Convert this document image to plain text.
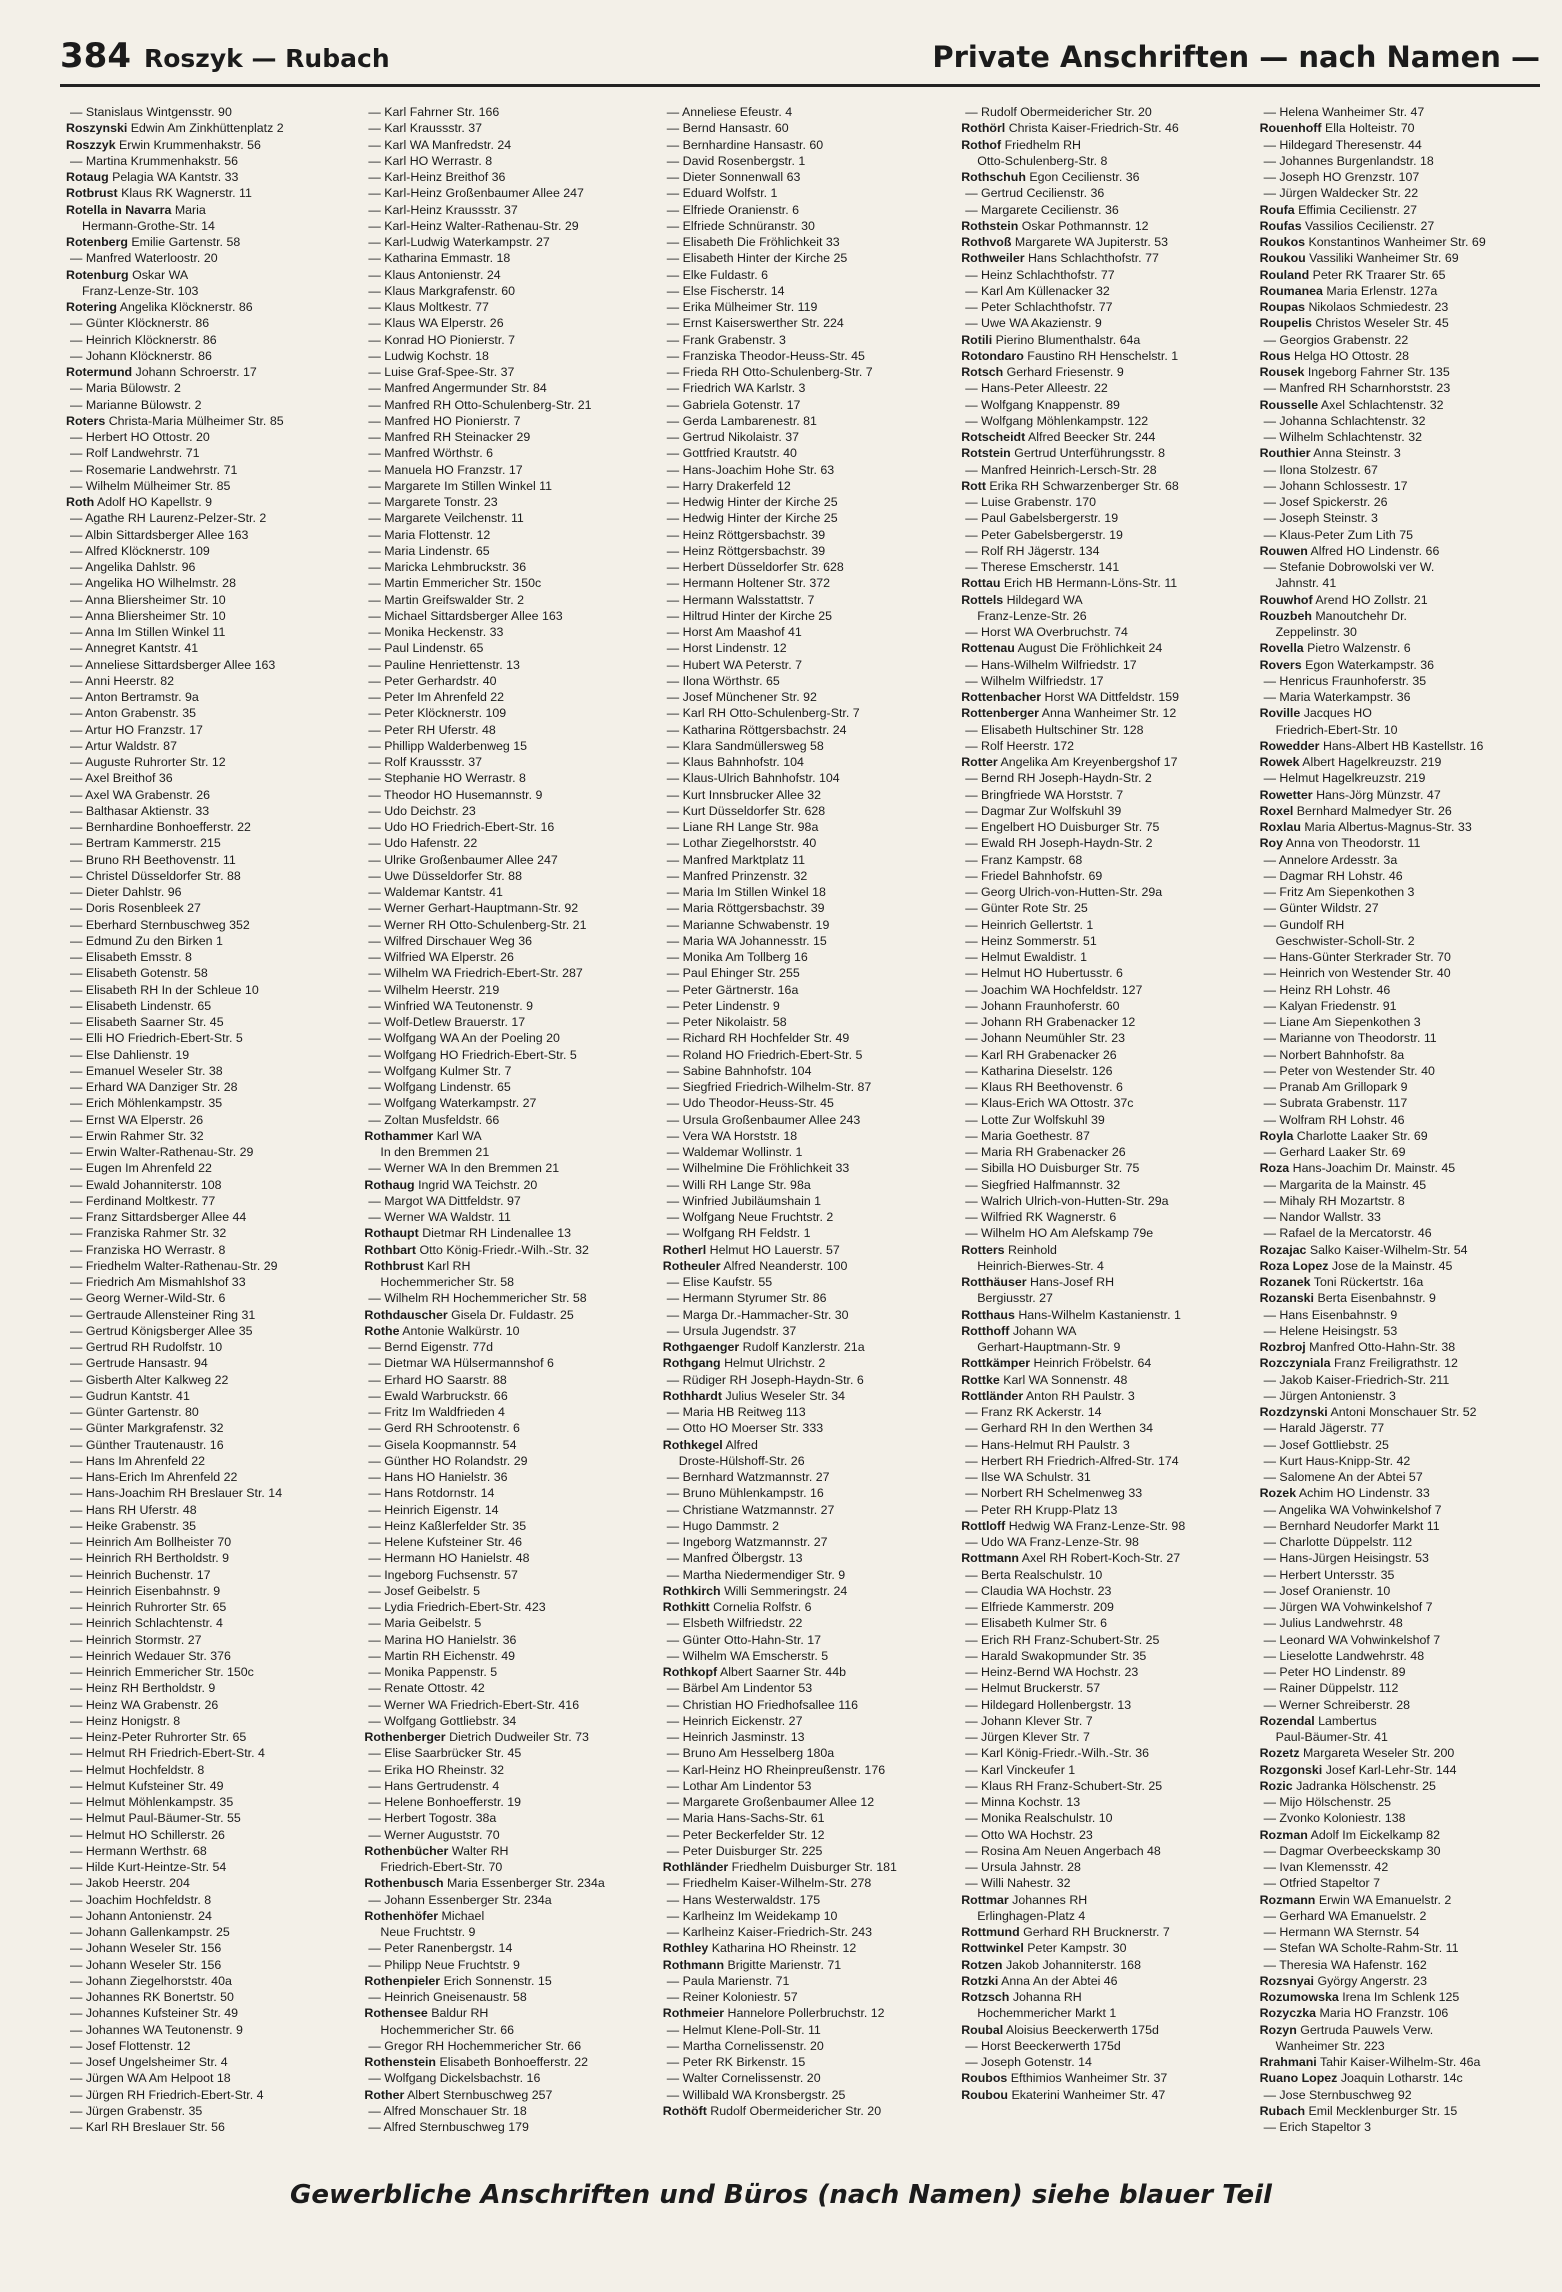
384 Roszyk — Rubach	Private Anschriften — nach Namen —
— Stanislaus Wintgensstr. 90
Roszynski Edwin Am Zinkhüttenplatz 2
Roszzyk Erwin Krummenhakstr. 56
— Martina Krummenhakstr. 56
Rotaug Pelagia WA Kantstr. 33
Rotbrust Klaus RK Wagnerstr. 11
Rotella in Navarra Maria
Hermann-Grothe-Str. 14
Rotenberg Emilie Gartenstr. 58
— Manfred Waterloostr. 20
Rotenburg Oskar WA
Franz-Lenze-Str. 103
Rotering Angelika Klöcknerstr. 86
— Günter Klöcknerstr. 86
— Heinrich Klöcknerstr. 86
— Johann Klöcknerstr. 86
Rotermund Johann Schroerstr. 17
— Maria Bülowstr. 2
— Marianne Bülowstr. 2
Roters Christa-Maria Mülheimer Str. 85
— Herbert HO Ottostr. 20
— Rolf Landwehrstr. 71
— Rosemarie Landwehrstr. 71
— Wilhelm Mülheimer Str. 85
Roth Adolf HO Kapellstr. 9
— Agathe RH Laurenz-Pelzer-Str. 2
— Albin Sittardsberger Allee 163
— Alfred Klöcknerstr. 109
— Angelika Dahlstr. 96
— Angelika HO Wilhelmstr. 28
— Anna Bliersheimer Str. 10
— Anna Bliersheimer Str. 10
— Anna Im Stillen Winkel 11
— Annegret Kantstr. 41
— Anneliese Sittardsberger Allee 163
— Anni Heerstr. 82
— Anton Bertramstr. 9a
— Anton Grabenstr. 35
— Artur HO Franzstr. 17
— Artur Waldstr. 87
— Auguste Ruhrorter Str. 12
— Axel Breithof 36
— Axel WA Grabenstr. 26
— Balthasar Aktienstr. 33
— Bernhardine Bonhoefferstr. 22
— Bertram Kammerstr. 215
— Bruno RH Beethovenstr. 11
— Christel Düsseldorfer Str. 88
— Dieter Dahlstr. 96
— Doris Rosenbleek 27
— Eberhard Sternbuschweg 352
— Edmund Zu den Birken 1
— Elisabeth Emsstr. 8
— Elisabeth Gotenstr. 58
— Elisabeth RH In der Schleue 10
— Elisabeth Lindenstr. 65
— Elisabeth Saarner Str. 45
— Elli HO Friedrich-Ebert-Str. 5
— Else Dahlienstr. 19
— Emanuel Weseler Str. 38
— Erhard WA Danziger Str. 28
— Erich Möhlenkampstr. 35
— Ernst WA Elperstr. 26
— Erwin Rahmer Str. 32
— Erwin Walter-Rathenau-Str. 29
— Eugen Im Ahrenfeld 22
— Ewald Johanniterstr. 108
— Ferdinand Moltkestr. 77
— Franz Sittardsberger Allee 44
— Franziska Rahmer Str. 32
— Franziska HO Werrastr. 8
— Friedhelm Walter-Rathenau-Str. 29
— Friedrich Am Mismahlshof 33
— Georg Werner-Wild-Str. 6
— Gertraude Allensteiner Ring 31
— Gertrud Königsberger Allee 35
— Gertrud RH Rudolfstr. 10
— Gertrude Hansastr. 94
— Gisberth Alter Kalkweg 22
— Gudrun Kantstr. 41
— Günter Gartenstr. 80
— Günter Markgrafenstr. 32
— Günther Trautenaustr. 16
— Hans Im Ahrenfeld 22
— Hans-Erich Im Ahrenfeld 22
— Hans-Joachim RH Breslauer Str. 14
— Hans RH Uferstr. 48
— Heike Grabenstr. 35
— Heinrich Am Bollheister 70
— Heinrich RH Bertholdstr. 9
— Heinrich Buchenstr. 17
— Heinrich Eisenbahnstr. 9
— Heinrich Ruhrorter Str. 65
— Heinrich Schlachtenstr. 4
— Heinrich Stormstr. 27
— Heinrich Wedauer Str. 376
— Heinrich Emmericher Str. 150c
— Heinz RH Bertholdstr. 9
— Heinz WA Grabenstr. 26
— Heinz Honigstr. 8
— Heinz-Peter Ruhrorter Str. 65
— Helmut RH Friedrich-Ebert-Str. 4
— Helmut Hochfeldstr. 8
— Helmut Kufsteiner Str. 49
— Helmut Möhlenkampstr. 35
— Helmut Paul-Bäumer-Str. 55
— Helmut HO Schillerstr. 26
— Hermann Werthstr. 68
— Hilde Kurt-Heintze-Str. 54
— Jakob Heerstr. 204
— Joachim Hochfeldstr. 8
— Johann Antonienstr. 24
— Johann Gallenkampstr. 25
— Johann Weseler Str. 156
— Johann Weseler Str. 156
— Johann Ziegelhorststr. 40a
— Johannes RK Bonertstr. 50
— Johannes Kufsteiner Str. 49
— Johannes WA Teutonenstr. 9
— Josef Flottenstr. 12
— Josef Ungelsheimer Str. 4
— Jürgen WA Am Helpoot 18
— Jürgen RH Friedrich-Ebert-Str. 4
— Jürgen Grabenstr. 35
— Karl RH Breslauer Str. 56
— Karl Fahrner Str. 166
— Karl Kraussstr. 37
— Karl WA Manfredstr. 24
— Karl HO Werrastr. 8
— Karl-Heinz Breithof 36
— Karl-Heinz Großenbaumer Allee 247
— Karl-Heinz Kraussstr. 37
— Karl-Heinz Walter-Rathenau-Str. 29
— Karl-Ludwig Waterkampstr. 27
— Katharina Emmastr. 18
— Klaus Antonienstr. 24
— Klaus Markgrafenstr. 60
— Klaus Moltkestr. 77
— Klaus WA Elperstr. 26
— Konrad HO Pionierstr. 7
— Ludwig Kochstr. 18
— Luise Graf-Spee-Str. 37
— Manfred Angermunder Str. 84
— Manfred RH Otto-Schulenberg-Str. 21
— Manfred HO Pionierstr. 7
— Manfred RH Steinacker 29
— Manfred Wörthstr. 6
— Manuela HO Franzstr. 17
— Margarete Im Stillen Winkel 11
— Margarete Tonstr. 23
— Margarete Veilchenstr. 11
— Maria Flottenstr. 12
— Maria Lindenstr. 65
— Maricka Lehmbruckstr. 36
— Martin Emmericher Str. 150c
— Martin Greifswalder Str. 2
— Michael Sittardsberger Allee 163
— Monika Heckenstr. 33
— Paul Lindenstr. 65
— Pauline Henriettenstr. 13
— Peter Gerhardstr. 40
— Peter Im Ahrenfeld 22
— Peter Klöcknerstr. 109
— Peter RH Uferstr. 48
— Phillipp Walderbenweg 15
— Rolf Kraussstr. 37
— Stephanie HO Werrastr. 8
— Theodor HO Husemannstr. 9
— Udo Deichstr. 23
— Udo HO Friedrich-Ebert-Str. 16
— Udo Hafenstr. 22
— Ulrike Großenbaumer Allee 247
— Uwe Düsseldorfer Str. 88
— Waldemar Kantstr. 41
— Werner Gerhart-Hauptmann-Str. 92
— Werner RH Otto-Schulenberg-Str. 21
— Wilfred Dirschauer Weg 36
— Wilfried WA Elperstr. 26
— Wilhelm WA Friedrich-Ebert-Str. 287
— Wilhelm Heerstr. 219
— Winfried WA Teutonenstr. 9
— Wolf-Detlew Brauerstr. 17
— Wolfgang WA An der Poeling 20
— Wolfgang HO Friedrich-Ebert-Str. 5
— Wolfgang Kulmer Str. 7
— Wolfgang Lindenstr. 65
— Wolfgang Waterkampstr. 27
— Zoltan Musfeldstr. 66
Rothammer Karl WA
In den Bremmen 21
— Werner WA In den Bremmen 21
Rothaug Ingrid WA Teichstr. 20
— Margot WA Dittfeldstr. 97
— Werner WA Waldstr. 11
Rothaupt Dietmar RH Lindenallee 13
Rothbart Otto König-Friedr.-Wilh.-Str. 32
Rothbrust Karl RH
Hochemmericher Str. 58
— Wilhelm RH Hochemmericher Str. 58
Rothdauscher Gisela Dr. Fuldastr. 25
Rothe Antonie Walkürstr. 10
— Bernd Eigenstr. 77d
— Dietmar WA Hülsermannshof 6
— Erhard HO Saarstr. 88
— Ewald Warbruckstr. 66
— Fritz Im Waldfrieden 4
— Gerd RH Schrootenstr. 6
— Gisela Koopmannstr. 54
— Günther HO Rolandstr. 29
— Hans HO Hanielstr. 36
— Hans Rotdornstr. 14
— Heinrich Eigenstr. 14
— Heinz Kaßlerfelder Str. 35
— Helene Kufsteiner Str. 46
— Hermann HO Hanielstr. 48
— Ingeborg Fuchsenstr. 57
— Josef Geibelstr. 5
— Lydia Friedrich-Ebert-Str. 423
— Maria Geibelstr. 5
— Marina HO Hanielstr. 36
— Martin RH Eichenstr. 49
— Monika Pappenstr. 5
— Renate Ottostr. 42
— Werner WA Friedrich-Ebert-Str. 416
— Wolfgang Gottliebstr. 34
Rothenberger Dietrich Dudweiler Str. 73
— Elise Saarbrücker Str. 45
— Erika HO Rheinstr. 32
— Hans Gertrudenstr. 4
— Helene Bonhoefferstr. 19
— Herbert Togostr. 38a
— Werner Auguststr. 70
Rothenbücher Walter RH
Friedrich-Ebert-Str. 70
Rothenbusch Maria Essenberger Str. 234a
— Johann Essenberger Str. 234a
Rothenhöfer Michael
Neue Fruchtstr. 9
— Peter Ranenbergstr. 14
— Philipp Neue Fruchtstr. 9
Rothenpieler Erich Sonnenstr. 15
— Heinrich Gneisenaustr. 58
Rothensee Baldur RH
Hochemmericher Str. 66
— Gregor RH Hochemmericher Str. 66
Rothenstein Elisabeth Bonhoefferstr. 22
— Wolfgang Dickelsbachstr. 16
Rother Albert Sternbuschweg 257
— Alfred Monschauer Str. 18
— Alfred Sternbuschweg 179
— Anneliese Efeustr. 4
— Bernd Hansastr. 60
— Bernhardine Hansastr. 60
— David Rosenbergstr. 1
— Dieter Sonnenwall 63
— Eduard Wolfstr. 1
— Elfriede Oranienstr. 6
— Elfriede Schnüranstr. 30
— Elisabeth Die Fröhlichkeit 33
— Elisabeth Hinter der Kirche 25
— Elke Fuldastr. 6
— Else Fischerstr. 14
— Erika Mülheimer Str. 119
— Ernst Kaiserswerther Str. 224
— Frank Grabenstr. 3
— Franziska Theodor-Heuss-Str. 45
— Frieda RH Otto-Schulenberg-Str. 7
— Friedrich WA Karlstr. 3
— Gabriela Gotenstr. 17
— Gerda Lambarenestr. 81
— Gertrud Nikolaistr. 37
— Gottfried Krautstr. 40
— Hans-Joachim Hohe Str. 63
— Harry Drakerfeld 12
— Hedwig Hinter der Kirche 25
— Hedwig Hinter der Kirche 25
— Heinz Röttgersbachstr. 39
— Heinz Röttgersbachstr. 39
— Herbert Düsseldorfer Str. 628
— Hermann Holtener Str. 372
— Hermann Walsstattstr. 7
— Hiltrud Hinter der Kirche 25
— Horst Am Maashof 41
— Horst Lindenstr. 12
— Hubert WA Peterstr. 7
— Ilona Wörthstr. 65
— Josef Münchener Str. 92
— Karl RH Otto-Schulenberg-Str. 7
— Katharina Röttgersbachstr. 24
— Klara Sandmüllersweg 58
— Klaus Bahnhofstr. 104
— Klaus-Ulrich Bahnhofstr. 104
— Kurt Innsbrucker Allee 32
— Kurt Düsseldorfer Str. 628
— Liane RH Lange Str. 98a
— Lothar Ziegelhorststr. 40
— Manfred Marktplatz 11
— Manfred Prinzenstr. 32
— Maria Im Stillen Winkel 18
— Maria Röttgersbachstr. 39
— Marianne Schwabenstr. 19
— Maria WA Johannesstr. 15
— Monika Am Tollberg 16
— Paul Ehinger Str. 255
— Peter Gärtnerstr. 16a
— Peter Lindenstr. 9
— Peter Nikolaistr. 58
— Richard RH Hochfelder Str. 49
— Roland HO Friedrich-Ebert-Str. 5
— Sabine Bahnhofstr. 104
— Siegfried Friedrich-Wilhelm-Str. 87
— Udo Theodor-Heuss-Str. 45
— Ursula Großenbaumer Allee 243
— Vera WA Horststr. 18
— Waldemar Wollinstr. 1
— Wilhelmine Die Fröhlichkeit 33
— Willi RH Lange Str. 98a
— Winfried Jubiläumshain 1
— Wolfgang Neue Fruchtstr. 2
— Wolfgang RH Feldstr. 1
Rotherl Helmut HO Lauerstr. 57
Rotheuler Alfred Neanderstr. 100
— Elise Kaufstr. 55
— Hermann Styrumer Str. 86
— Marga Dr.-Hammacher-Str. 30
— Ursula Jugendstr. 37
Rothgaenger Rudolf Kanzlerstr. 21a
Rothgang Helmut Ulrichstr. 2
— Rüdiger RH Joseph-Haydn-Str. 6
Rothhardt Julius Weseler Str. 34
— Maria HB Reitweg 113
— Otto HO Moerser Str. 333
Rothkegel Alfred
Droste-Hülshoff-Str. 26
— Bernhard Watzmannstr. 27
— Bruno Mühlenkampstr. 16
— Christiane Watzmannstr. 27
— Hugo Dammstr. 2
— Ingeborg Watzmannstr. 27
— Manfred Ölbergstr. 13
— Martha Niedermendiger Str. 9
Rothkirch Willi Semmeringstr. 24
Rothkitt Cornelia Rolfstr. 6
— Elsbeth Wilfriedstr. 22
— Günter Otto-Hahn-Str. 17
— Wilhelm WA Emscherstr. 5
Rothkopf Albert Saarner Str. 44b
— Bärbel Am Lindentor 53
— Christian HO Friedhofsallee 116
— Heinrich Eickenstr. 27
— Heinrich Jasminstr. 13
— Bruno Am Hesselberg 180a
— Karl-Heinz HO Rheinpreußenstr. 176
— Lothar Am Lindentor 53
— Margarete Großenbaumer Allee 12
— Maria Hans-Sachs-Str. 61
— Peter Beckerfelder Str. 12
— Peter Duisburger Str. 225
Rothländer Friedhelm Duisburger Str. 181
— Friedhelm Kaiser-Wilhelm-Str. 278
— Hans Westerwaldstr. 175
— Karlheinz Im Weidekamp 10
— Karlheinz Kaiser-Friedrich-Str. 243
Rothley Katharina HO Rheinstr. 12
Rothmann Brigitte Marienstr. 71
— Paula Marienstr. 71
— Reiner Koloniestr. 57
Rothmeier Hannelore Pollerbruchstr. 12
— Helmut Klene-Poll-Str. 11
— Martha Cornelissenstr. 20
— Peter RK Birkenstr. 15
— Walter Cornelissenstr. 20
— Willibald WA Kronsbergstr. 25
Rothöft Rudolf Obermeidericher Str. 20
— Rudolf Obermeidericher Str. 20
Rothörl Christa Kaiser-Friedrich-Str. 46
Rothof Friedhelm RH
Otto-Schulenberg-Str. 8
Rothschuh Egon Cecilienstr. 36
— Gertrud Cecilienstr. 36
— Margarete Cecilienstr. 36
Rothstein Oskar Pothmannstr. 12
Rothvoß Margarete WA Jupiterstr. 53
Rothweiler Hans Schlachthofstr. 77
— Heinz Schlachthofstr. 77
— Karl Am Küllenacker 32
— Peter Schlachthofstr. 77
— Uwe WA Akazienstr. 9
Rotili Pierino Blumenthalstr. 64a
Rotondaro Faustino RH Henschelstr. 1
Rotsch Gerhard Friesenstr. 9
— Hans-Peter Alleestr. 22
— Wolfgang Knappenstr. 89
— Wolfgang Möhlenkampstr. 122
Rotscheidt Alfred Beecker Str. 244
Rotstein Gertrud Unterführungsstr. 8
— Manfred Heinrich-Lersch-Str. 28
Rott Erika RH Schwarzenberger Str. 68
— Luise Grabenstr. 170
— Paul Gabelsbergerstr. 19
— Peter Gabelsbergerstr. 19
— Rolf RH Jägerstr. 134
— Therese Emscherstr. 141
Rottau Erich HB Hermann-Löns-Str. 11
Rottels Hildegard WA
Franz-Lenze-Str. 26
— Horst WA Overbruchstr. 74
Rottenau August Die Fröhlichkeit 24
— Hans-Wilhelm Wilfriedstr. 17
— Wilhelm Wilfriedstr. 17
Rottenbacher Horst WA Dittfeldstr. 159
Rottenberger Anna Wanheimer Str. 12
— Elisabeth Hultschiner Str. 128
— Rolf Heerstr. 172
Rotter Angelika Am Kreyenbergshof 17
— Bernd RH Joseph-Haydn-Str. 2
— Bringfriede WA Horststr. 7
— Dagmar Zur Wolfskuhl 39
— Engelbert HO Duisburger Str. 75
— Ewald RH Joseph-Haydn-Str. 2
— Franz Kampstr. 68
— Friedel Bahnhofstr. 69
— Georg Ulrich-von-Hutten-Str. 29a
— Günter Rote Str. 25
— Heinrich Gellertstr. 1
— Heinz Sommerstr. 51
— Helmut Ewaldistr. 1
— Helmut HO Hubertusstr. 6
— Joachim WA Hochfeldstr. 127
— Johann Fraunhoferstr. 60
— Johann RH Grabenacker 12
— Johann Neumühler Str. 23
— Karl RH Grabenacker 26
— Katharina Dieselstr. 126
— Klaus RH Beethovenstr. 6
— Klaus-Erich WA Ottostr. 37c
— Lotte Zur Wolfskuhl 39
— Maria Goethestr. 87
— Maria RH Grabenacker 26
— Sibilla HO Duisburger Str. 75
— Siegfried Halfmannstr. 32
— Walrich Ulrich-von-Hutten-Str. 29a
— Wilfried RK Wagnerstr. 6
— Wilhelm HO Am Alefskamp 79e
Rotters Reinhold
Heinrich-Bierwes-Str. 4
Rotthäuser Hans-Josef RH
Bergiusstr. 27
Rotthaus Hans-Wilhelm Kastanienstr. 1
Rotthoff Johann WA
Gerhart-Hauptmann-Str. 9
Rottkämper Heinrich Fröbelstr. 64
Rottke Karl WA Sonnenstr. 48
Rottländer Anton RH Paulstr. 3
— Franz RK Ackerstr. 14
— Gerhard RH In den Werthen 34
— Hans-Helmut RH Paulstr. 3
— Herbert RH Friedrich-Alfred-Str. 174
— Ilse WA Schulstr. 31
— Norbert RH Schelmenweg 33
— Peter RH Krupp-Platz 13
Rottloff Hedwig WA Franz-Lenze-Str. 98
— Udo WA Franz-Lenze-Str. 98
Rottmann Axel RH Robert-Koch-Str. 27
— Berta Realschulstr. 10
— Claudia WA Hochstr. 23
— Elfriede Kammerstr. 209
— Elisabeth Kulmer Str. 6
— Erich RH Franz-Schubert-Str. 25
— Harald Swakopmunder Str. 35
— Heinz-Bernd WA Hochstr. 23
— Helmut Bruckerstr. 57
— Hildegard Hollenbergstr. 13
— Johann Klever Str. 7
— Jürgen Klever Str. 7
— Karl König-Friedr.-Wilh.-Str. 36
— Karl Vinckeufer 1
— Klaus RH Franz-Schubert-Str. 25
— Minna Kochstr. 13
— Monika Realschulstr. 10
— Otto WA Hochstr. 23
— Rosina Am Neuen Angerbach 48
— Ursula Jahnstr. 28
— Willi Nahestr. 32
Rottmar Johannes RH
Erlinghagen-Platz 4
Rottmund Gerhard RH Brucknerstr. 7
Rottwinkel Peter Kampstr. 30
Rotzen Jakob Johanniterstr. 168
Rotzki Anna An der Abtei 46
Rotzsch Johanna RH
Hochemmericher Markt 1
Roubal Aloisius Beeckerwerth 175d
— Horst Beeckerwerth 175d
— Joseph Gotenstr. 14
Roubos Efthimios Wanheimer Str. 37
Roubou Ekaterini Wanheimer Str. 47
— Helena Wanheimer Str. 47
Rouenhoff Ella Holteistr. 70
— Hildegard Theresenstr. 44
— Johannes Burgenlandstr. 18
— Joseph HO Grenzstr. 107
— Jürgen Waldecker Str. 22
Roufa Effimia Cecilienstr. 27
Roufas Vassilios Cecilienstr. 27
Roukos Konstantinos Wanheimer Str. 69
Roukou Vassiliki Wanheimer Str. 69
Rouland Peter RK Traarer Str. 65
Roumanea Maria Erlenstr. 127a
Roupas Nikolaos Schmiedestr. 23
Roupelis Christos Weseler Str. 45
— Georgios Grabenstr. 22
Rous Helga HO Ottostr. 28
Rousek Ingeborg Fahrner Str. 135
— Manfred RH Scharnhorststr. 23
Rousselle Axel Schlachtenstr. 32
— Johanna Schlachtenstr. 32
— Wilhelm Schlachtenstr. 32
Routhier Anna Steinstr. 3
— Ilona Stolzestr. 67
— Johann Schlossestr. 17
— Josef Spickerstr. 26
— Joseph Steinstr. 3
— Klaus-Peter Zum Lith 75
Rouwen Alfred HO Lindenstr. 66
— Stefanie Dobrowolski ver W.
Jahnstr. 41
Rouwhof Arend HO Zollstr. 21
Rouzbeh Manoutchehr Dr.
Zeppelinstr. 30
Rovella Pietro Walzenstr. 6
Rovers Egon Waterkampstr. 36
— Henricus Fraunhoferstr. 35
— Maria Waterkampstr. 36
Roville Jacques HO
Friedrich-Ebert-Str. 10
Rowedder Hans-Albert HB Kastellstr. 16
Rowek Albert Hagelkreuzstr. 219
— Helmut Hagelkreuzstr. 219
Rowetter Hans-Jörg Münzstr. 47
Roxel Bernhard Malmedyer Str. 26
Roxlau Maria Albertus-Magnus-Str. 33
Roy Anna von Theodorstr. 11
— Annelore Ardesstr. 3a
— Dagmar RH Lohstr. 46
— Fritz Am Siepenkothen 3
— Günter Wildstr. 27
— Gundolf RH
Geschwister-Scholl-Str. 2
— Hans-Günter Sterkrader Str. 70
— Heinrich von Westender Str. 40
— Heinz RH Lohstr. 46
— Kalyan Friedenstr. 91
— Liane Am Siepenkothen 3
— Marianne von Theodorstr. 11
— Norbert Bahnhofstr. 8a
— Peter von Westender Str. 40
— Pranab Am Grillopark 9
— Subrata Grabenstr. 117
— Wolfram RH Lohstr. 46
Royla Charlotte Laaker Str. 69
— Gerhard Laaker Str. 69
Roza Hans-Joachim Dr. Mainstr. 45
— Margarita de la Mainstr. 45
— Mihaly RH Mozartstr. 8
— Nandor Wallstr. 33
— Rafael de la Mercatorstr. 46
Rozajac Salko Kaiser-Wilhelm-Str. 54
Roza Lopez Jose de la Mainstr. 45
Rozanek Toni Rückertstr. 16a
Rozanski Berta Eisenbahnstr. 9
— Hans Eisenbahnstr. 9
— Helene Heisingstr. 53
Rozbroj Manfred Otto-Hahn-Str. 38
Rozczyniala Franz Freiligrathstr. 12
— Jakob Kaiser-Friedrich-Str. 211
— Jürgen Antonienstr. 3
Rozdzynski Antoni Monschauer Str. 52
— Harald Jägerstr. 77
— Josef Gottliebstr. 25
— Kurt Haus-Knipp-Str. 42
— Salomene An der Abtei 57
Rozek Achim HO Lindenstr. 33
— Angelika WA Vohwinkelshof 7
— Bernhard Neudorfer Markt 11
— Charlotte Düppelstr. 112
— Hans-Jürgen Heisingstr. 53
— Herbert Untersstr. 35
— Josef Oranienstr. 10
— Jürgen WA Vohwinkelshof 7
— Julius Landwehrstr. 48
— Leonard WA Vohwinkelshof 7
— Lieselotte Landwehrstr. 48
— Peter HO Lindenstr. 89
— Rainer Düppelstr. 112
— Werner Schreiberstr. 28
Rozendal Lambertus
Paul-Bäumer-Str. 41
Rozetz Margareta Weseler Str. 200
Rozgonski Josef Karl-Lehr-Str. 144
Rozic Jadranka Hölschenstr. 25
— Mijo Hölschenstr. 25
— Zvonko Koloniestr. 138
Rozman Adolf Im Eickelkamp 82
— Dagmar Overbeeckskamp 30
— Ivan Klemensstr. 42
— Otfried Stapeltor 7
Rozmann Erwin WA Emanuelstr. 2
— Gerhard WA Emanuelstr. 2
— Hermann WA Sternstr. 54
— Stefan WA Scholte-Rahm-Str. 11
— Theresia WA Hafenstr. 162
Rozsnyai György Angerstr. 23
Rozumowska Irena Im Schlenk 125
Rozyczka Maria HO Franzstr. 106
Rozyn Gertruda Pauwels Verw.
Wanheimer Str. 223
Rrahmani Tahir Kaiser-Wilhelm-Str. 46a
Ruano Lopez Joaquin Lotharstr. 14c
— Jose Sternbuschweg 92
Rubach Emil Mecklenburger Str. 15
— Erich Stapeltor 3
Gewerbliche Anschriften und Büros (nach Namen) siehe blauer Teil
